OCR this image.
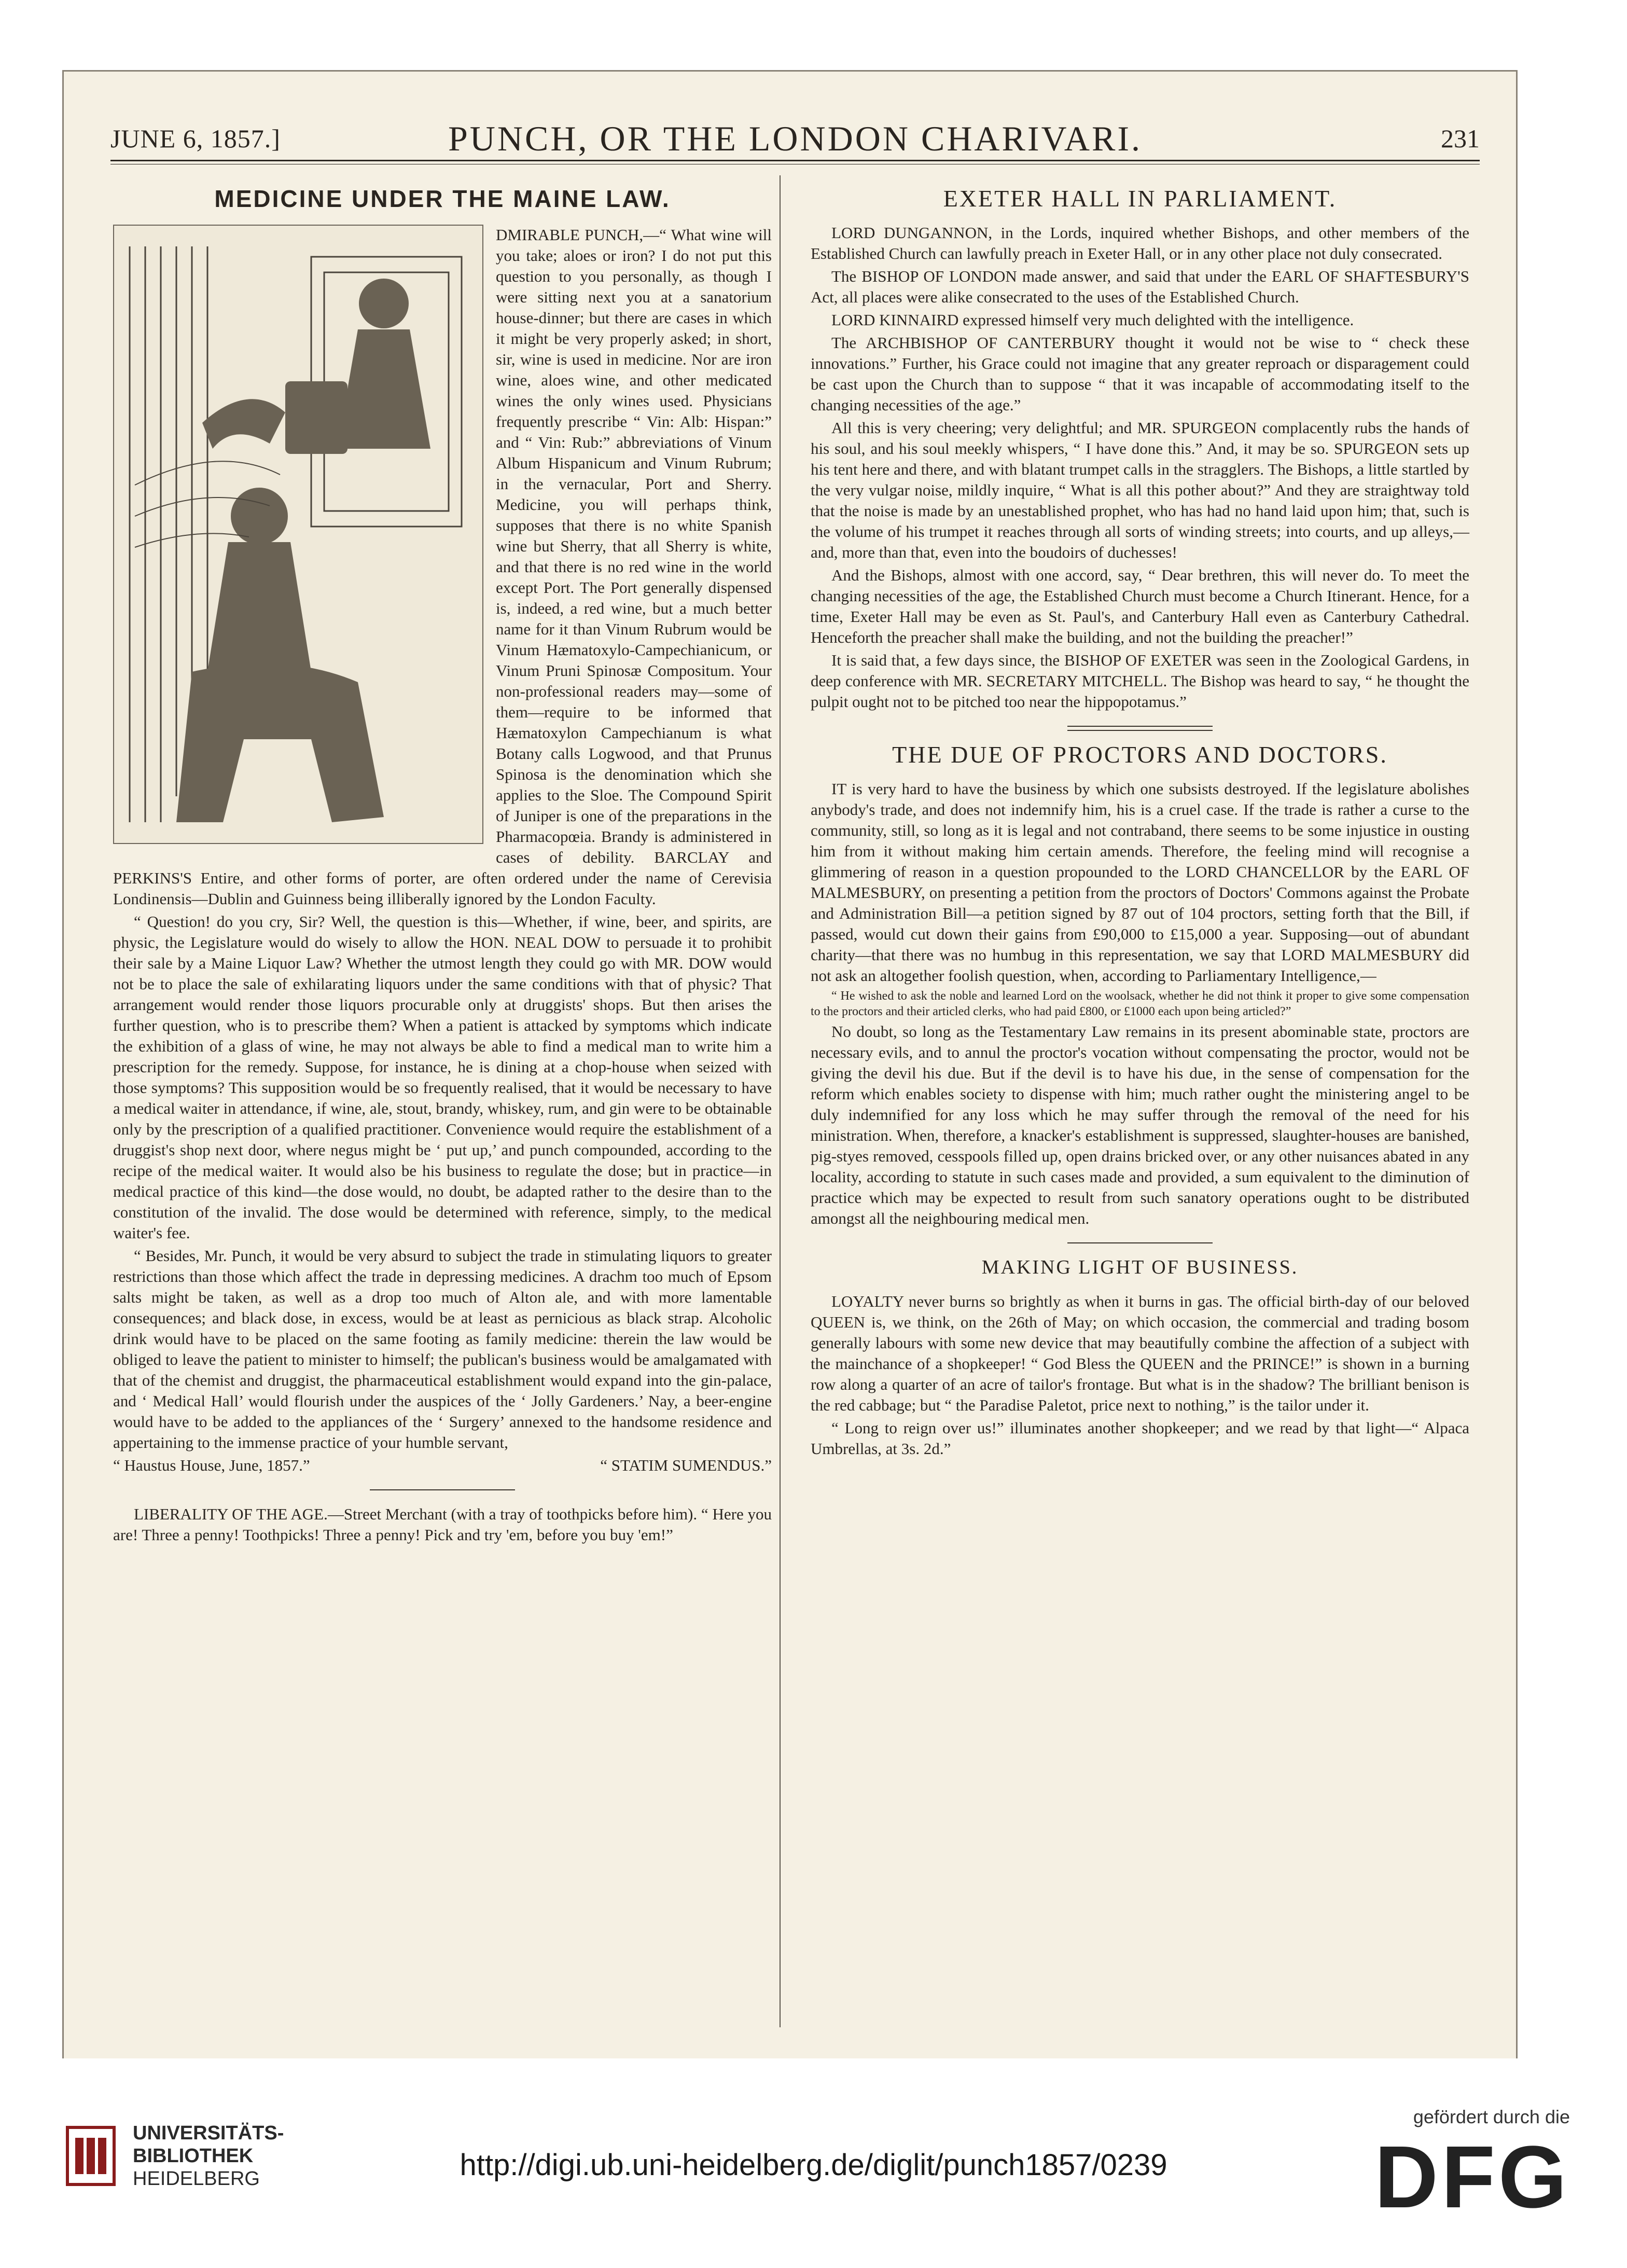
JUNE 6, 1857.]	PUNCH, OR THE LONDON CHARIVARI.	231
MEDICINE UNDER THE MAINE LAW.

DMIRABLE PUNCH,—“ What wine will you take; aloes or iron? I do not put this question to you personally, as though I were sitting next you at a sanatorium house-dinner; but there are cases in which it might be very properly asked; in short, sir, wine is used in medicine. Nor are iron wine, aloes wine, and other medicated wines the only wines used. Physicians frequently prescribe “ Vin: Alb: Hispan:” and “ Vin: Rub:” abbreviations of Vinum Album Hispanicum and Vinum Rubrum; in the vernacular, Port and Sherry. Medicine, you will perhaps think, supposes that there is no white Spanish wine but Sherry, that all Sherry is white, and that there is no red wine in the world except Port. The Port generally dispensed is, indeed, a red wine, but a much better name for it than Vinum Rubrum would be Vinum Hæmatoxylo-Campechianicum, or Vinum Pruni Spinosæ Compositum. Your non-professional readers may—some of them—require to be informed that Hæmatoxylon Campechianum is what Botany calls Logwood, and that Prunus Spinosa is the denomination which she applies to the Sloe. The Compound Spirit of Juniper is one of the preparations in the Pharmacopœia. Brandy is administered in cases of debility. BARCLAY and PERKINS'S Entire, and other forms of porter, are often ordered under the name of Cerevisia Londinensis—Dublin and Guinness being illiberally ignored by the London Faculty.

“ Question! do you cry, Sir? Well, the question is this—Whether, if wine, beer, and spirits, are physic, the Legislature would do wisely to allow the HON. NEAL DOW to persuade it to prohibit their sale by a Maine Liquor Law? Whether the utmost length they could go with MR. DOW would not be to place the sale of exhilarating liquors under the same conditions with that of physic? That arrangement would render those liquors procurable only at druggists' shops. But then arises the further question, who is to prescribe them? When a patient is attacked by symptoms which indicate the exhibition of a glass of wine, he may not always be able to find a medical man to write him a prescription for the remedy. Suppose, for instance, he is dining at a chop-house when seized with those symptoms? This supposition would be so frequently realised, that it would be necessary to have a medical waiter in attendance, if wine, ale, stout, brandy, whiskey, rum, and gin were to be obtainable only by the prescription of a qualified practitioner. Convenience would require the establishment of a druggist's shop next door, where negus might be ‘ put up,’ and punch compounded, according to the recipe of the medical waiter. It would also be his business to regulate the dose; but in practice—in medical practice of this kind—the dose would, no doubt, be adapted rather to the desire than to the constitution of the invalid. The dose would be determined with reference, simply, to the medical waiter's fee.

“ Besides, Mr. Punch, it would be very absurd to subject the trade in stimulating liquors to greater restrictions than those which affect the trade in depressing medicines. A drachm too much of Epsom salts might be taken, as well as a drop too much of Alton ale, and with more lamentable consequences; and black dose, in excess, would be at least as pernicious as black strap. Alcoholic drink would have to be placed on the same footing as family medicine: therein the law would be obliged to leave the patient to minister to himself; the publican's business would be amalgamated with that of the chemist and druggist, the pharmaceutical establishment would expand into the gin-palace, and ‘ Medical Hall’ would flourish under the auspices of the ‘ Jolly Gardeners.’ Nay, a beer-engine would have to be added to the appliances of the ‘ Surgery’ annexed to the handsome residence and appertaining to the immense practice of your humble servant,

“ Haustus House, June, 1857.”	“ STATIM SUMENDUS.”

LIBERALITY OF THE AGE.—Street Merchant (with a tray of toothpicks before him). “ Here you are! Three a penny! Toothpicks! Three a penny! Pick and try 'em, before you buy 'em!”

EXETER HALL IN PARLIAMENT.

LORD DUNGANNON, in the Lords, inquired whether Bishops, and other members of the Established Church can lawfully preach in Exeter Hall, or in any other place not duly consecrated.

The BISHOP OF LONDON made answer, and said that under the EARL OF SHAFTESBURY'S Act, all places were alike consecrated to the uses of the Established Church.

LORD KINNAIRD expressed himself very much delighted with the intelligence.

The ARCHBISHOP OF CANTERBURY thought it would not be wise to “ check these innovations.” Further, his Grace could not imagine that any greater reproach or disparagement could be cast upon the Church than to suppose “ that it was incapable of accommodating itself to the changing necessities of the age.”

All this is very cheering; very delightful; and MR. SPURGEON complacently rubs the hands of his soul, and his soul meekly whispers, “ I have done this.” And, it may be so. SPURGEON sets up his tent here and there, and with blatant trumpet calls in the stragglers. The Bishops, a little startled by the very vulgar noise, mildly inquire, “ What is all this pother about?” And they are straightway told that the noise is made by an unestablished prophet, who has had no hand laid upon him; that, such is the volume of his trumpet it reaches through all sorts of winding streets; into courts, and up alleys,—and, more than that, even into the boudoirs of duchesses!

And the Bishops, almost with one accord, say, “ Dear brethren, this will never do. To meet the changing necessities of the age, the Established Church must become a Church Itinerant. Hence, for a time, Exeter Hall may be even as St. Paul's, and Canterbury Hall even as Canterbury Cathedral. Henceforth the preacher shall make the building, and not the building the preacher!”

It is said that, a few days since, the BISHOP OF EXETER was seen in the Zoological Gardens, in deep conference with MR. SECRETARY MITCHELL. The Bishop was heard to say, “ he thought the pulpit ought not to be pitched too near the hippopotamus.”

THE DUE OF PROCTORS AND DOCTORS.

IT is very hard to have the business by which one subsists destroyed. If the legislature abolishes anybody's trade, and does not indemnify him, his is a cruel case. If the trade is rather a curse to the community, still, so long as it is legal and not contraband, there seems to be some injustice in ousting him from it without making him certain amends. Therefore, the feeling mind will recognise a glimmering of reason in a question propounded to the LORD CHANCELLOR by the EARL OF MALMESBURY, on presenting a petition from the proctors of Doctors' Commons against the Probate and Administration Bill—a petition signed by 87 out of 104 proctors, setting forth that the Bill, if passed, would cut down their gains from £90,000 to £15,000 a year. Supposing—out of abundant charity—that there was no humbug in this representation, we say that LORD MALMESBURY did not ask an altogether foolish question, when, according to Parliamentary Intelligence,—

“ He wished to ask the noble and learned Lord on the woolsack, whether he did not think it proper to give some compensation to the proctors and their articled clerks, who had paid £800, or £1000 each upon being articled?”

No doubt, so long as the Testamentary Law remains in its present abominable state, proctors are necessary evils, and to annul the proctor's vocation without compensating the proctor, would not be giving the devil his due. But if the devil is to have his due, in the sense of compensation for the reform which enables society to dispense with him; much rather ought the ministering angel to be duly indemnified for any loss which he may suffer through the removal of the need for his ministration. When, therefore, a knacker's establishment is suppressed, slaughter-houses are banished, pig-styes removed, cesspools filled up, open drains bricked over, or any other nuisances abated in any locality, according to statute in such cases made and provided, a sum equivalent to the diminution of practice which may be expected to result from such sanatory operations ought to be distributed amongst all the neighbouring medical men.

MAKING LIGHT OF BUSINESS.

LOYALTY never burns so brightly as when it burns in gas. The official birth-day of our beloved QUEEN is, we think, on the 26th of May; on which occasion, the commercial and trading bosom generally labours with some new device that may beautifully combine the affection of a subject with the mainchance of a shopkeeper! “ God Bless the QUEEN and the PRINCE!” is shown in a burning row along a quarter of an acre of tailor's frontage. But what is in the shadow? The brilliant benison is the red cabbage; but “ the Paradise Paletot, price next to nothing,” is the tailor under it.

“ Long to reign over us!” illuminates another shopkeeper; and we read by that light—“ Alpaca Umbrellas, at 3s. 2d.”

UNIVERSITÄTS-
BIBLIOTHEK
HEIDELBERG	http://digi.ub.uni-heidelberg.de/diglit/punch1857/0239
gefördert durch die
DFG
